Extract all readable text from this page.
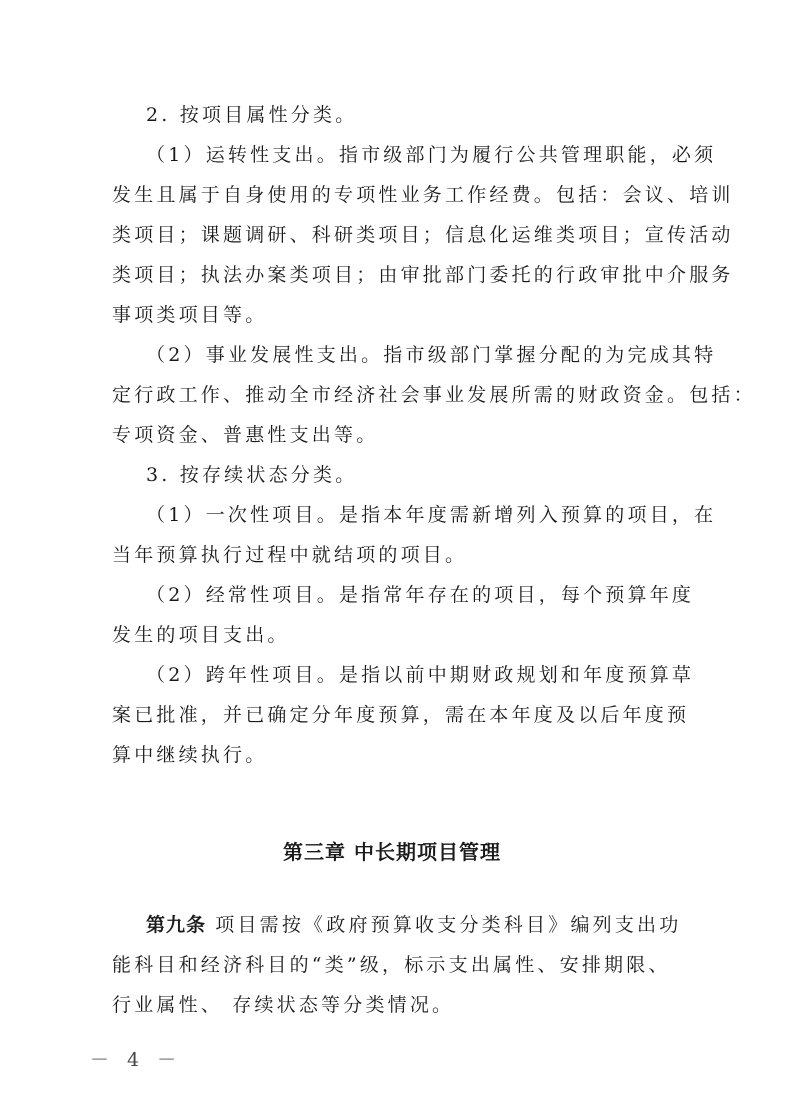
2. 按项目属性分类。
（1）运转性支出。指市级部门为履行公共管理职能，必须
发生且属于自身使用的专项性业务工作经费。包括：会议、培训
类项目；课题调研、科研类项目；信息化运维类项目；宣传活动
类项目；执法办案类项目；由审批部门委托的行政审批中介服务
事项类项目等。
（2）事业发展性支出。指市级部门掌握分配的为完成其特
定行政工作、推动全市经济社会事业发展所需的财政资金。包括：
专项资金、普惠性支出等。
3. 按存续状态分类。
（1）一次性项目。是指本年度需新增列入预算的项目，在
当年预算执行过程中就结项的项目。
（2）经常性项目。是指常年存在的项目，每个预算年度
发生的项目支出。
（2）跨年性项目。是指以前中期财政规划和年度预算草
案已批准，并已确定分年度预算，需在本年度及以后年度预
算中继续执行。
第三章 中长期项目管理
第九条 项目需按《政府预算收支分类科目》编列支出功
能科目和经济科目的“类”级，标示支出属性、安排期限、
行业属性、 存续状态等分类情况。
－ 4 －
